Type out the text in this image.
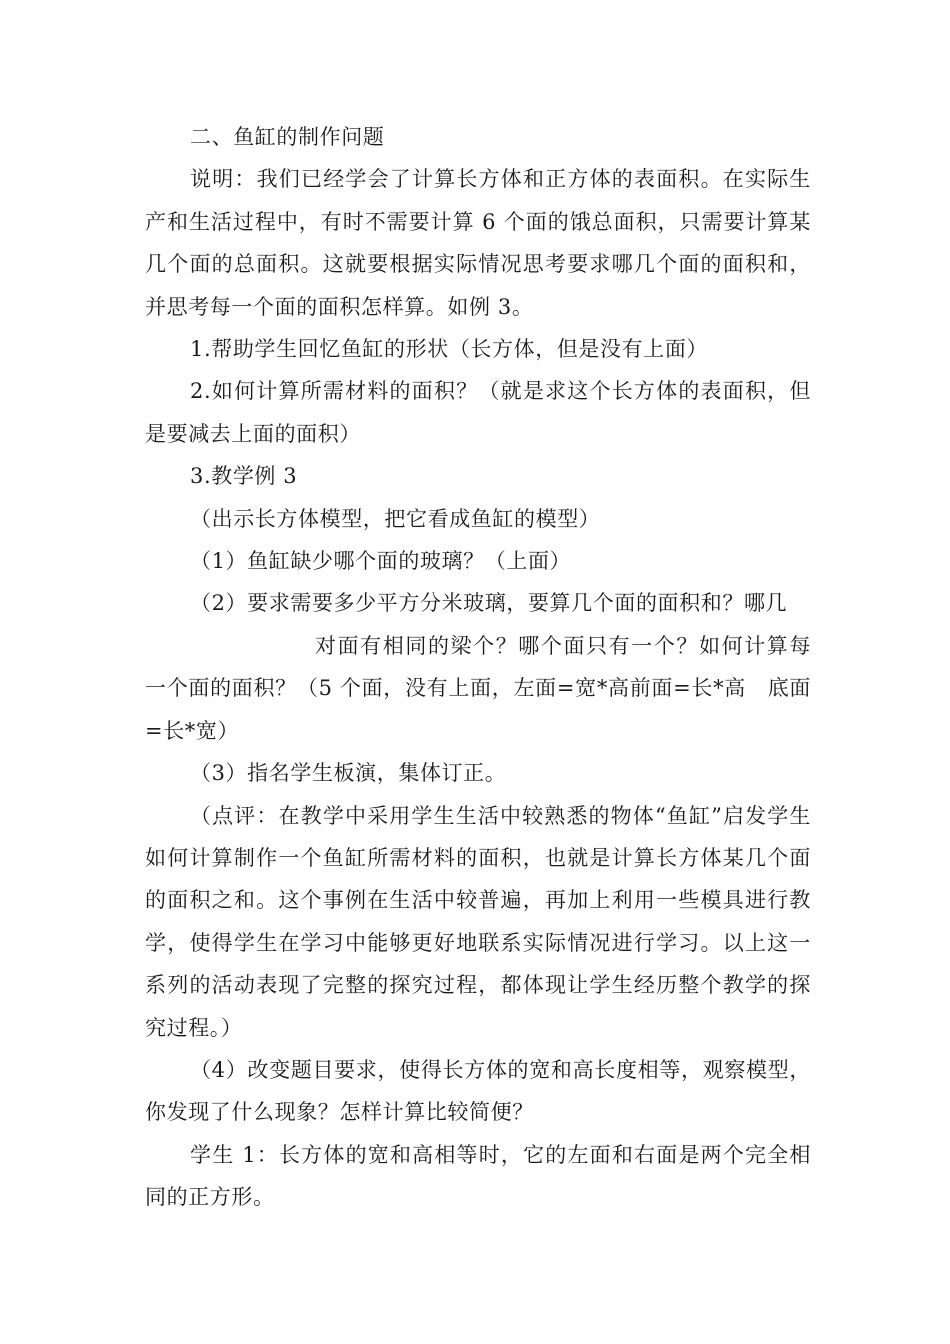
二、鱼缸的制作问题

说明：我们已经学会了计算长方体和正方体的表面积。在实际生产和生活过程中，有时不需要计算 6 个面的饿总面积，只需要计算某几个面的总面积。这就要根据实际情况思考要求哪几个面的面积和，并思考每一个面的面积怎样算。如例 3。

1.帮助学生回忆鱼缸的形状（长方体，但是没有上面）

2.如何计算所需材料的面积？（就是求这个长方体的表面积，但是要减去上面的面积）

3.教学例 3

（出示长方体模型，把它看成鱼缸的模型）

（1）鱼缸缺少哪个面的玻璃？（上面）

（2）要求需要多少平方分米玻璃，要算几个面的面积和？哪几

对面有相同的梁个？哪个面只有一个？如何计算每一个面的面积？（5 个面，没有上面，左面=宽*高前面=长*高　底面=长*宽）

（3）指名学生板演，集体订正。

（点评：在教学中采用学生生活中较熟悉的物体“鱼缸”启发学生如何计算制作一个鱼缸所需材料的面积，也就是计算长方体某几个面的面积之和。这个事例在生活中较普遍，再加上利用一些模具进行教学，使得学生在学习中能够更好地联系实际情况进行学习。以上这一系列的活动表现了完整的探究过程，都体现让学生经历整个教学的探究过程。）

（4）改变题目要求，使得长方体的宽和高长度相等，观察模型，你发现了什么现象？怎样计算比较简便？

学生 1：长方体的宽和高相等时，它的左面和右面是两个完全相同的正方形。
